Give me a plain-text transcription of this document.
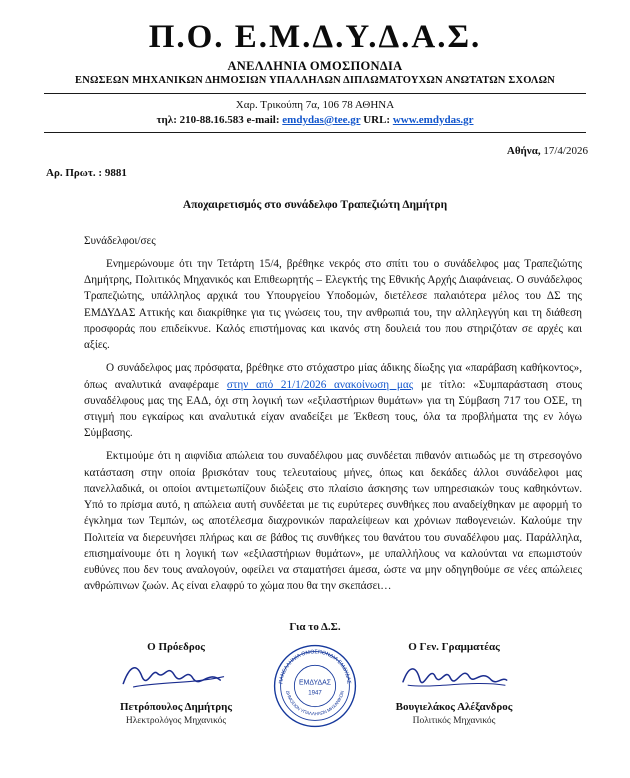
Π.Ο. Ε.Μ.Δ.Υ.Δ.Α.Σ.
ΑΝΕΛΛΗΝΙΑ ΟΜΟΣΠΟΝΔΙΑ
ΕΝΩΣΕΩΝ ΜΗΧΑΝΙΚΩΝ ΔΗΜΟΣΙΩΝ ΥΠΑΛΛΗΛΩΝ ΔΙΠΛΩΜΑΤΟΥΧΩΝ ΑΝΩΤΑΤΩΝ ΣΧΟΛΩΝ
Χαρ. Τρικούπη 7α, 106 78 ΑΘΗΝΑ
τηλ: 210-88.16.583 e-mail: emdydas@tee.gr URL: www.emdydas.gr
Αθήνα, 17/4/2026
Αρ. Πρωτ. : 9881
Αποχαιρετισμός στο συνάδελφο Τραπεζιώτη Δημήτρη

Συνάδελφοι/σες

Ενημερώνουμε ότι την Τετάρτη 15/4, βρέθηκε νεκρός στο σπίτι του ο συνάδελφος μας Τραπεζιώτης Δημήτρης, Πολιτικός Μηχανικός και Επιθεωρητής – Ελεγκτής της Εθνικής Αρχής Διαφάνειας. Ο συνάδελφος Τραπεζιώτης, υπάλληλος αρχικά του Υπουργείου Υποδομών, διετέλεσε παλαιότερα μέλος του ΔΣ της ΕΜΔΥΔΑΣ Αττικής και διακρίθηκε για τις γνώσεις του, την ανθρωπιά του, την αλληλεγγύη και τη διάθεση προσφοράς που επιδείκνυε. Καλός επιστήμονας και ικανός στη δουλειά του που στηριζόταν σε αρχές και αξίες.

Ο συνάδελφος μας πρόσφατα, βρέθηκε στο στόχαστρο μίας άδικης δίωξης για «παράβαση καθήκοντος», όπως αναλυτικά αναφέραμε στην από 21/1/2026 ανακοίνωση μας με τίτλο: «Συμπαράσταση στους συναδέλφους μας της ΕΑΔ, όχι στη λογική των «εξιλαστήριων θυμάτων» για τη Σύμβαση 717 του ΟΣΕ, τη στιγμή που εγκαίρως και αναλυτικά είχαν αναδείξει με Έκθεση τους, όλα τα προβλήματα της εν λόγω Σύμβασης.

Εκτιμούμε ότι η αιφνίδια απώλεια του συναδέλφου μας συνδέεται πιθανόν αιτιωδώς με τη στρεσογόνο κατάσταση στην οποία βρισκόταν τους τελευταίους μήνες, όπως και δεκάδες άλλοι συνάδελφοι μας πανελλαδικά, οι οποίοι αντιμετωπίζουν διώξεις στο πλαίσιο άσκησης των υπηρεσιακών τους καθηκόντων. Υπό το πρίσμα αυτό, η απώλεια αυτή συνδέεται με τις ευρύτερες συνθήκες που αναδείχθηκαν με αφορμή το έγκλημα των Τεμπών, ως αποτέλεσμα διαχρονικών παραλείψεων και χρόνιων παθογενειών. Καλούμε την Πολιτεία να διερευνήσει πλήρως και σε βάθος τις συνθήκες του θανάτου του συναδέλφου μας. Παράλληλα, επισημαίνουμε ότι η λογική των «εξιλαστήριων θυμάτων», με υπαλλήλους να καλούνται να επωμιστούν ευθύνες που δεν τους αναλογούν, οφείλει να σταματήσει άμεσα, ώστε να μην οδηγηθούμε σε νέες απώλειες ανθρώπινων ζωών. Ας είναι ελαφρύ το χώμα που θα την σκεπάσει…

Για το Δ.Σ.
ΠΑΝΕΛΛΗΝΙΑ ΟΜΟΣΠΟΝΔΙΑ ΕΜΔΥΔΑΣ
ΔΗΜΟΣΙΩΝ ΥΠΑΛΛΗΛΩΝ ΜΗΧΑΝΙΚΩΝ
ΕΜΔΥΔΑΣ
1947
Ο Πρόεδρος
Πετρόπουλος Δημήτρης
Ηλεκτρολόγος Μηχανικός
Ο Γεν. Γραμματέας
Βουγιελάκος Αλέξανδρος
Πολιτικός Μηχανικός
